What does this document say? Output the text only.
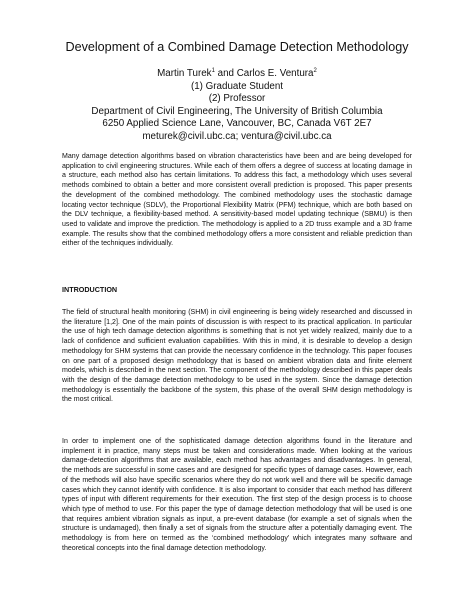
Development of a Combined Damage Detection Methodology
Martin Turek$^1$ and Carlos E. Ventura$^2$
(1) Graduate Student
(2) Professor
Department of Civil Engineering, The University of British Columbia
6250 Applied Science Lane, Vancouver, BC, Canada V6T 2E7
meturek@civil.ubc.ca; ventura@civil.ubc.ca

Many damage detection algorithms based on vibration characteristics have been and are being developed for application to civil engineering structures. While each of them offers a degree of success at locating damage in a structure, each method also has certain limitations. To address this fact, a methodology which uses several methods combined to obtain a better and more consistent overall prediction is proposed. This paper presents the development of the combined methodology. The combined methodology uses the stochastic damage locating vector technique (SDLV), the Proportional Flexibility Matrix (PFM) technique, which are both based on the DLV technique, a flexibility-based method. A sensitivity-based model updating technique (SBMU) is then used to validate and improve the prediction. The methodology is applied to a 2D truss example and a 3D frame example. The results show that the combined methodology offers a more consistent and reliable prediction than either of the techniques individually.

INTRODUCTION

The field of structural health monitoring (SHM) in civil engineering is being widely researched and discussed in the literature [1,2]. One of the main points of discussion is with respect to its practical application. In particular the use of high tech damage detection algorithms is something that is not yet widely realized, mainly due to a lack of confidence and sufficient evaluation capabilities. With this in mind, it is desirable to develop a design methodology for SHM systems that can provide the necessary confidence in the technology. This paper focuses on one part of a proposed design methodology that is based on ambient vibration data and finite element models, which is described in the next section. The component of the methodology described in this paper deals with the design of the damage detection methodology to be used in the system. Since the damage detection methodology is essentially the backbone of the system, this phase of the overall SHM design methodology is the most critical.

In order to implement one of the sophisticated damage detection algorithms found in the literature and implement it in practice, many steps must be taken and considerations made. When looking at the various damage-detection algorithms that are available, each method has advantages and disadvantages. In general, the methods are successful in some cases and are designed for specific types of damage cases. However, each of the methods will also have specific scenarios where they do not work well and there will be specific damage cases which they cannot identify with confidence. It is also important to consider that each method has different types of input with different requirements for their execution. The first step of the design process is to choose which type of method to use. For this paper the type of damage detection methodology that will be used is one that requires ambient vibration signals as input, a pre-event database (for example a set of signals when the structure is undamaged), then finally a set of signals from the structure after a potentially damaging event. The methodology is from here on termed as the ‘combined methodology’ which integrates many software and theoretical concepts into the final damage detection methodology.
